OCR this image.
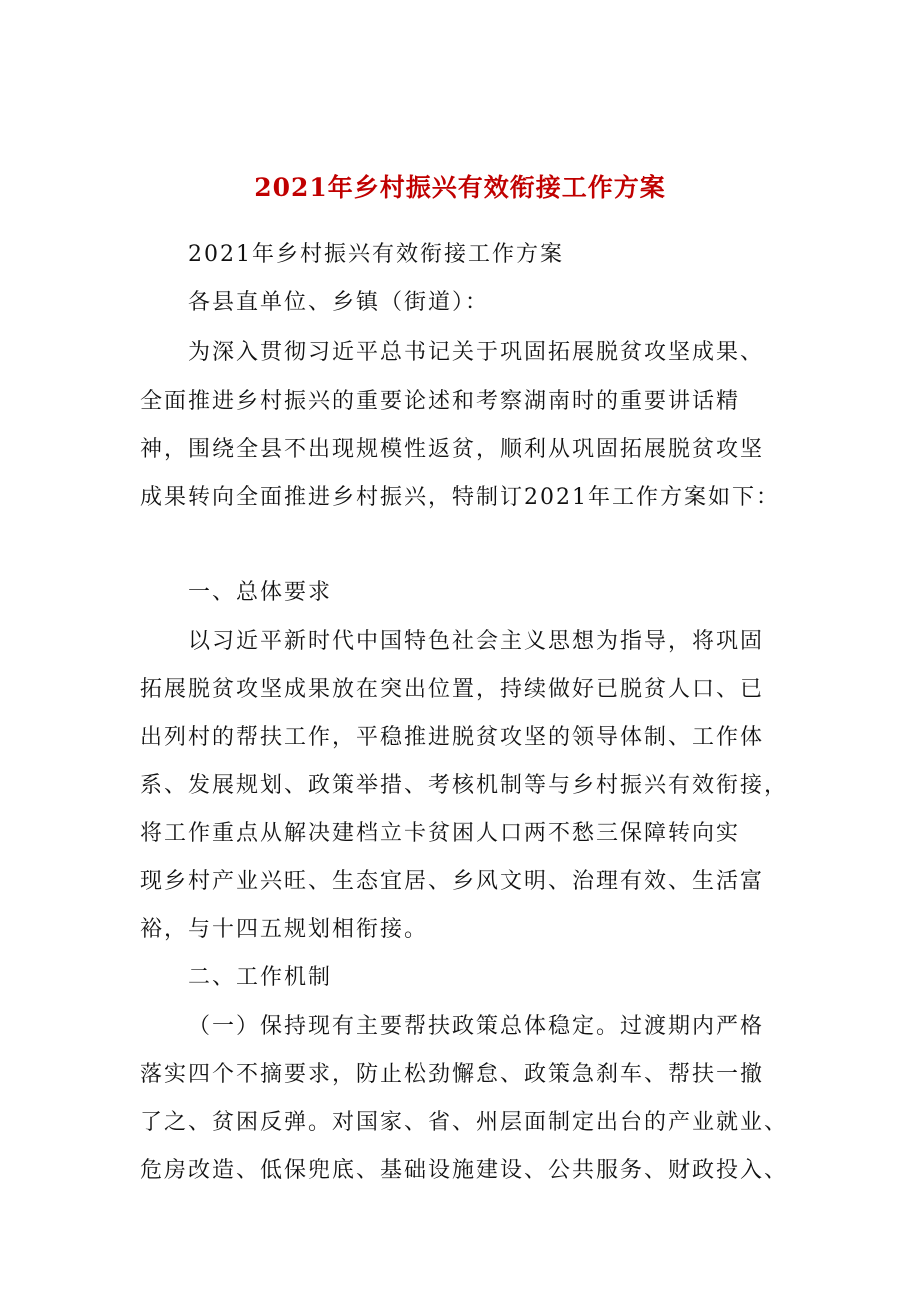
2021年乡村振兴有效衔接工作方案
2021年乡村振兴有效衔接工作方案
各县直单位、乡镇（街道）：
为深入贯彻习近平总书记关于巩固拓展脱贫攻坚成果、
全面推进乡村振兴的重要论述和考察湖南时的重要讲话精
神，围绕全县不出现规模性返贫，顺利从巩固拓展脱贫攻坚
成果转向全面推进乡村振兴，特制订2021年工作方案如下：
一、总体要求
以习近平新时代中国特色社会主义思想为指导，将巩固
拓展脱贫攻坚成果放在突出位置，持续做好已脱贫人口、已
出列村的帮扶工作，平稳推进脱贫攻坚的领导体制、工作体
系、发展规划、政策举措、考核机制等与乡村振兴有效衔接，
将工作重点从解决建档立卡贫困人口两不愁三保障转向实
现乡村产业兴旺、生态宜居、乡风文明、治理有效、生活富
裕，与十四五规划相衔接。
二、工作机制
（一）保持现有主要帮扶政策总体稳定。过渡期内严格
落实四个不摘要求，防止松劲懈怠、政策急刹车、帮扶一撤
了之、贫困反弹。对国家、省、州层面制定出台的产业就业、
危房改造、低保兜底、基础设施建设、公共服务、财政投入、
